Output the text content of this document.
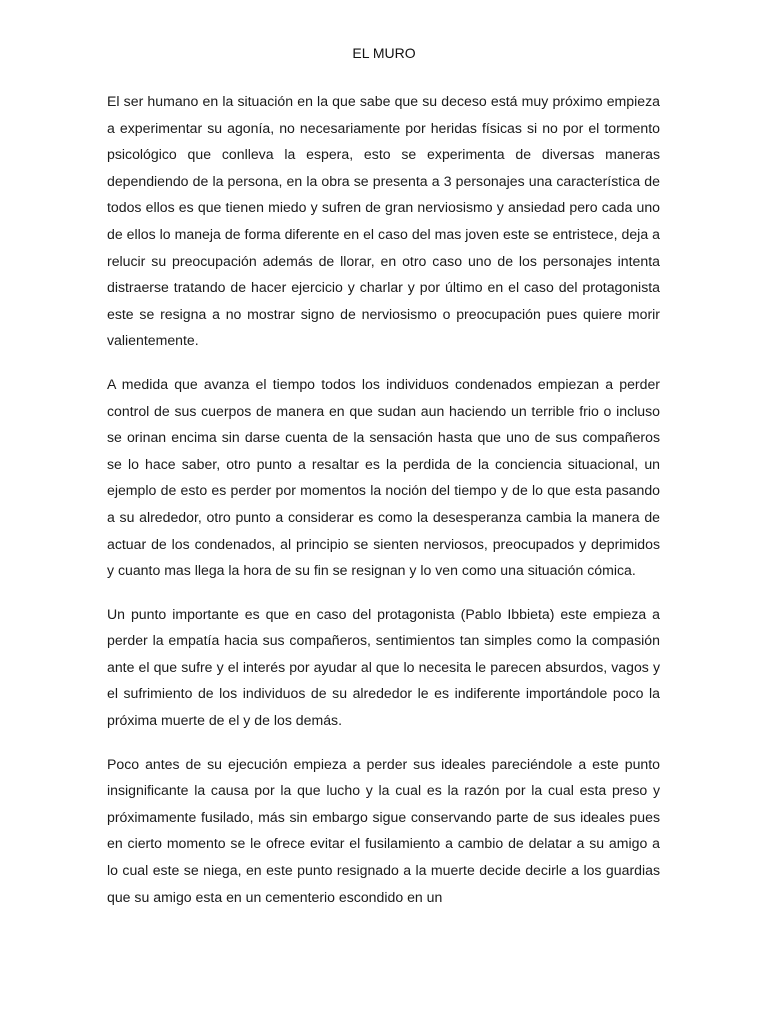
EL MURO

El ser humano en la situación en la que sabe que su deceso está muy próximo empieza a experimentar su agonía, no necesariamente por heridas físicas si no por el tormento psicológico que conlleva la espera, esto se experimenta de diversas maneras dependiendo de la persona, en la obra se presenta a 3 personajes una característica de todos ellos es que tienen miedo y sufren de gran nerviosismo y ansiedad pero cada uno de ellos lo maneja de forma diferente en el caso del mas joven este se entristece, deja a relucir su preocupación además de llorar, en otro caso uno de los personajes intenta distraerse tratando de hacer ejercicio y charlar y por último en el caso del protagonista este se resigna a no mostrar signo de nerviosismo o preocupación pues quiere morir valientemente.

A medida que avanza el tiempo todos los individuos condenados empiezan a perder control de sus cuerpos de manera en que sudan aun haciendo un terrible frio o incluso se orinan encima sin darse cuenta de la sensación hasta que uno de sus compañeros se lo hace saber, otro punto a resaltar es la perdida de la conciencia situacional, un ejemplo de esto es perder por momentos la noción del tiempo y de lo que esta pasando a su alrededor, otro punto a considerar es como la desesperanza cambia la manera de actuar de los condenados, al principio se sienten nerviosos, preocupados y deprimidos y cuanto mas llega la hora de su fin se resignan y lo ven como una situación cómica.

Un punto importante es que en caso del protagonista (Pablo Ibbieta) este empieza a perder la empatía hacia sus compañeros, sentimientos tan simples como la compasión ante el que sufre y el interés por ayudar al que lo necesita le parecen absurdos, vagos y el sufrimiento de los individuos de su alrededor le es indiferente importándole poco la próxima muerte de el y de los demás.

Poco antes de su ejecución empieza a perder sus ideales pareciéndole a este punto insignificante la causa por la que lucho y la cual es la razón por la cual esta preso y próximamente fusilado, más sin embargo sigue conservando parte de sus ideales pues en cierto momento se le ofrece evitar el fusilamiento a cambio de delatar a su amigo a lo cual este se niega, en este punto resignado a la muerte decide decirle a los guardias que su amigo esta en un cementerio escondido en un
